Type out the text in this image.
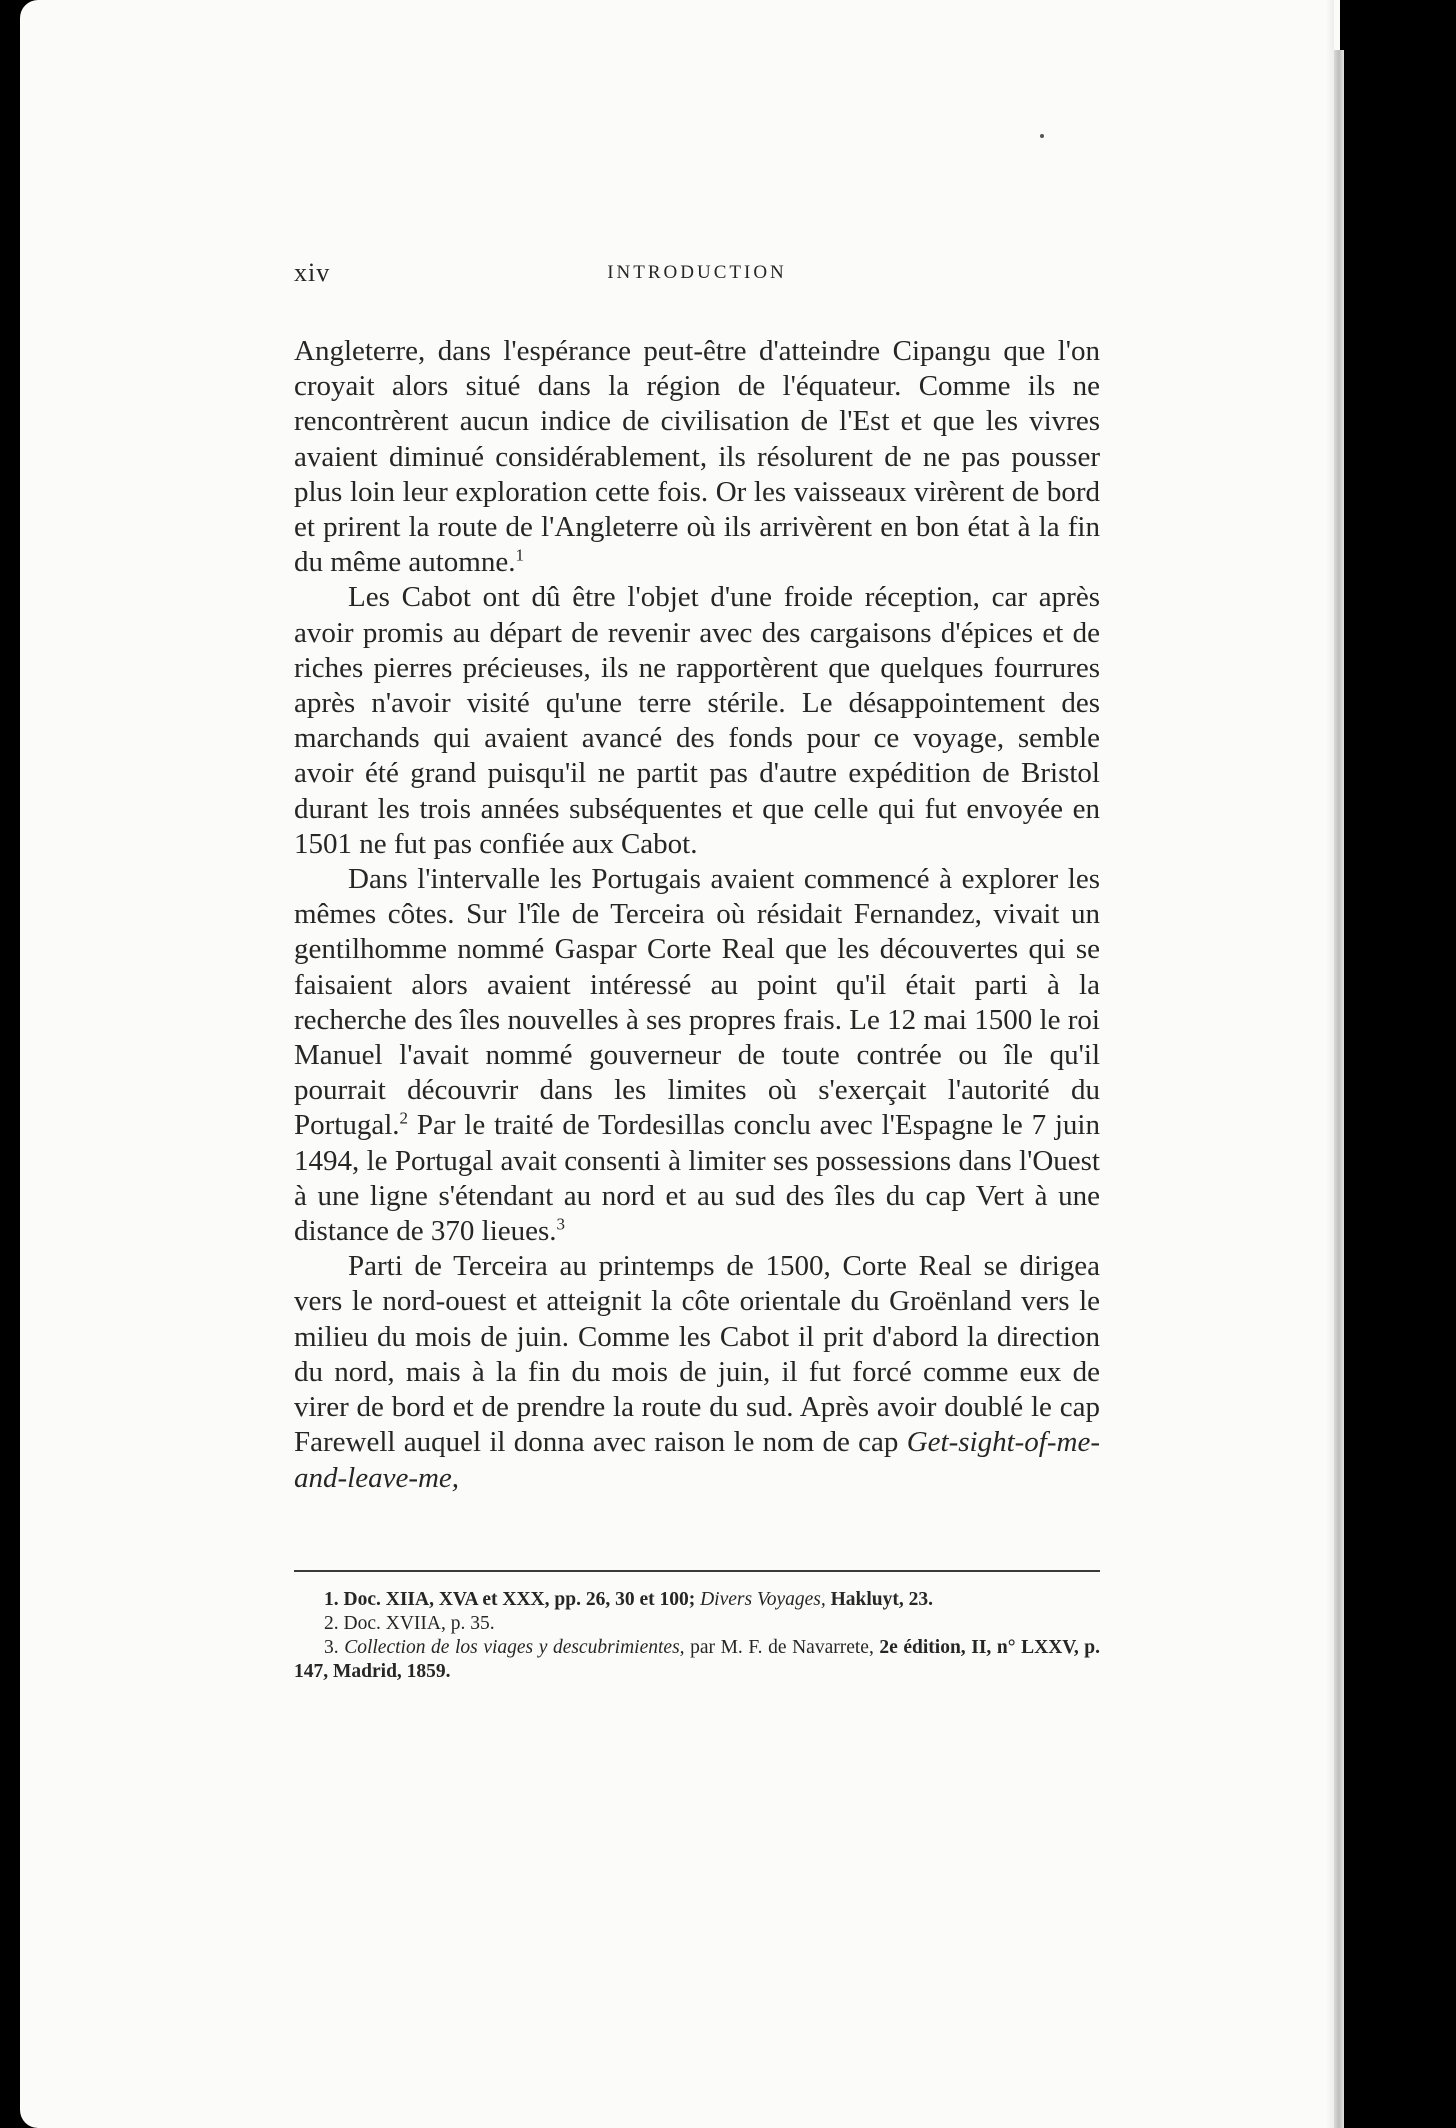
xiv	INTRODUCTION

Angleterre, dans l'espérance peut-être d'atteindre Cipangu que l'on croyait alors situé dans la région de l'équateur. Comme ils ne rencontrèrent aucun indice de civilisation de l'Est et que les vivres avaient diminué considérablement, ils résolurent de ne pas pousser plus loin leur exploration cette fois. Or les vaisseaux virèrent de bord et prirent la route de l'Angleterre où ils arrivèrent en bon état à la fin du même automne.$^1$

Les Cabot ont dû être l'objet d'une froide réception, car après avoir promis au départ de revenir avec des cargaisons d'épices et de riches pierres précieuses, ils ne rapportèrent que quelques fourrures après n'avoir visité qu'une terre stérile. Le désappointement des marchands qui avaient avancé des fonds pour ce voyage, semble avoir été grand puisqu'il ne partit pas d'autre expédition de Bristol durant les trois années subséquentes et que celle qui fut envoyée en 1501 ne fut pas confiée aux Cabot.

Dans l'intervalle les Portugais avaient commencé à explorer les mêmes côtes. Sur l'île de Terceira où résidait Fernandez, vivait un gentilhomme nommé Gaspar Corte Real que les découvertes qui se faisaient alors avaient intéressé au point qu'il était parti à la recherche des îles nouvelles à ses propres frais. Le 12 mai 1500 le roi Manuel l'avait nommé gouverneur de toute contrée ou île qu'il pourrait découvrir dans les limites où s'exerçait l'autorité du Portugal.$^2$ Par le traité de Tordesillas conclu avec l'Espagne le 7 juin 1494, le Portugal avait consenti à limiter ses possessions dans l'Ouest à une ligne s'étendant au nord et au sud des îles du cap Vert à une distance de 370 lieues.$^3$

Parti de Terceira au printemps de 1500, Corte Real se dirigea vers le nord-ouest et atteignit la côte orientale du Groënland vers le milieu du mois de juin. Comme les Cabot il prit d'abord la direction du nord, mais à la fin du mois de juin, il fut forcé comme eux de virer de bord et de prendre la route du sud. Après avoir doublé le cap Farewell auquel il donna avec raison le nom de cap Get-sight-of-me-and-leave-me,

1. Doc. XIIA, XVA et XXX, pp. 26, 30 et 100; Divers Voyages, Hakluyt, 23.

2. Doc. XVIIA, p. 35.

3. Collection de los viages y descubrimientes, par M. F. de Navarrete, 2e édition, II, n° LXXV, p. 147, Madrid, 1859.
